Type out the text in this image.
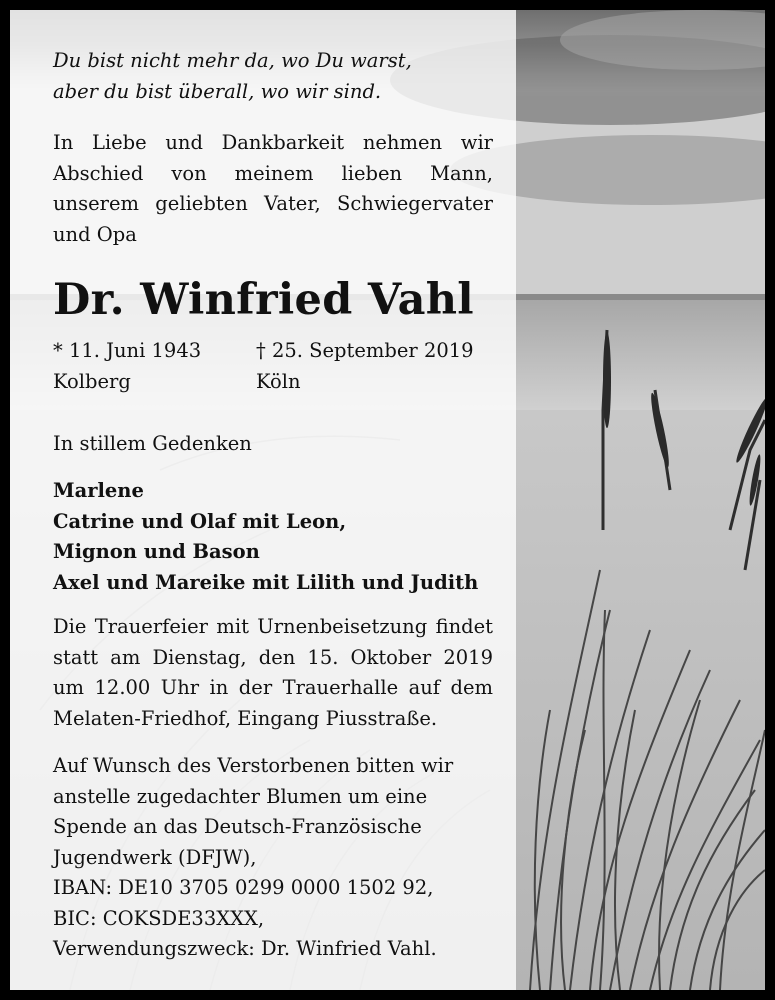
Du bist nicht mehr da, wo Du warst,
aber du bist überall, wo wir sind.
In Liebe und Dankbarkeit nehmen wir Abschied von meinem lieben Mann, unserem geliebten Vater, Schwiegervater und Opa
Dr. Winfried Vahl
* 11. Juni 1943
Kolberg
† 25. September 2019
Köln
In stillem Gedenken
Marlene
Catrine und Olaf mit Leon,
Mignon und Bason
Axel und Mareike mit Lilith und Judith
Die Trauerfeier mit Urnenbeisetzung findet statt am Dienstag, den 15. Oktober 2019 um 12.00 Uhr in der Trauerhalle auf dem Melaten-Friedhof, Eingang Piusstraße.
Auf Wunsch des Verstorbenen bitten wir
anstelle zugedachter Blumen um eine
Spende an das Deutsch-Französische
Jugendwerk (DFJW),
IBAN: DE10 3705 0299 0000 1502 92,
BIC: COKSDE33XXX,
Verwendungszweck: Dr. Winfried Vahl.
